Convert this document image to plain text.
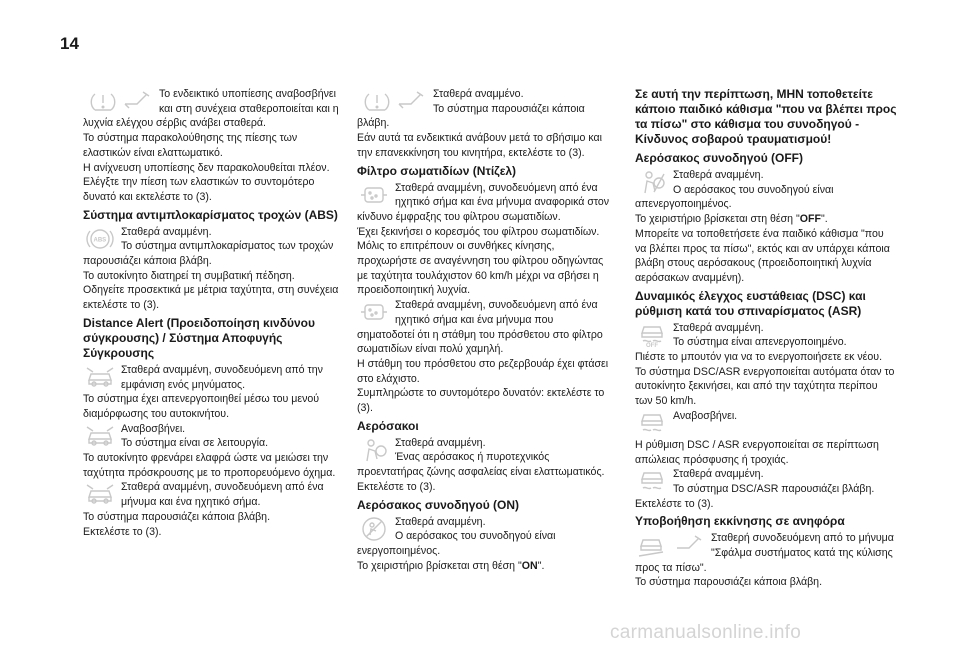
14

Το ενδεικτικό υποπίεσης αναβοσβήνει και στη συνέχεια σταθεροποιείται και η λυχνία ελέγχου σέρβις ανάβει σταθερά.

Το σύστημα παρακολούθησης της πίεσης των ελαστικών είναι ελαττωματικό.

Η ανίχνευση υποπίεσης δεν παρακολουθείται πλέον.

Ελέγξτε την πίεση των ελαστικών το συντομότερο δυνατό και εκτελέστε το (3).

Σύστημα αντιμπλοκαρίσματος τροχών (ABS)
ABS

Σταθερά αναμμένη.

Το σύστημα αντιμπλοκαρίσματος των τροχών παρουσιάζει κάποια βλάβη.

Το αυτοκίνητο διατηρεί τη συμβατική πέδηση.

Οδηγείτε προσεκτικά με μέτρια ταχύτητα, στη συνέχεια εκτελέστε το (3).

Distance Alert (Προειδοποίηση κινδύνου σύγκρουσης) / Σύστημα Αποφυγής Σύγκρουσης

Σταθερά αναμμένη, συνοδευόμενη από την εμφάνιση ενός μηνύματος.

Το σύστημα έχει απενεργοποιηθεί μέσω του μενού διαμόρφωσης του αυτοκινήτου.

Αναβοσβήνει.

Το σύστημα είναι σε λειτουργία.

Το αυτοκίνητο φρενάρει ελαφρά ώστε να μειώσει την ταχύτητα πρόσκρουσης με το προπορευόμενο όχημα.

Σταθερά αναμμένη, συνοδευόμενη από ένα μήνυμα και ένα ηχητικό σήμα.

Το σύστημα παρουσιάζει κάποια βλάβη.

Εκτελέστε το (3).

Σταθερά αναμμένο.

Το σύστημα παρουσιάζει κάποια βλάβη.

Εάν αυτά τα ενδεικτικά ανάβουν μετά το σβήσιμο και την επανεκκίνηση του κινητήρα, εκτελέστε το (3).

Φίλτρο σωματιδίων (Ντίζελ)

Σταθερά αναμμένη, συνοδευόμενη από ένα ηχητικό σήμα και ένα μήνυμα αναφορικά στον κίνδυνο έμφραξης του φίλτρου σωματιδίων.

Έχει ξεκινήσει ο κορεσμός του φίλτρου σωματιδίων.

Μόλις το επιτρέπουν οι συνθήκες κίνησης, προχωρήστε σε αναγέννηση του φίλτρου οδηγώντας με ταχύτητα τουλάχιστον 60 km/h μέχρι να σβήσει η προειδοποιητική λυχνία.

Σταθερά αναμμένη, συνοδευόμενη από ένα ηχητικό σήμα και ένα μήνυμα που σηματοδοτεί ότι η στάθμη του πρόσθετου στο φίλτρο σωματιδίων είναι πολύ χαμηλή.

Η στάθμη του πρόσθετου στο ρεζερβουάρ έχει φτάσει στο ελάχιστο.

Συμπληρώστε το συντομότερο δυνατόν: εκτελέστε το (3).

Αερόσακοι

Σταθερά αναμμένη.

Ένας αερόσακος ή πυροτεχνικός προεντατήρας ζώνης ασφαλείας είναι ελαττωματικός.

Εκτελέστε το (3).

Αερόσακος συνοδηγού (ON)

Σταθερά αναμμένη.

Ο αερόσακος του συνοδηγού είναι ενεργοποιημένος.

Το χειριστήριο βρίσκεται στη θέση "ON".

Σε αυτή την περίπτωση, ΜΗΝ τοποθετείτε κάποιο παιδικό κάθισμα "που να βλέπει προς τα πίσω" στο κάθισμα του συνοδηγού - Κίνδυνος σοβαρού τραυματισμού!
Αερόσακος συνοδηγού (OFF)

Σταθερά αναμμένη.

Ο αερόσακος του συνοδηγού είναι απενεργοποιημένος.

Το χειριστήριο βρίσκεται στη θέση "OFF".

Μπορείτε να τοποθετήσετε ένα παιδικό κάθισμα "που να βλέπει προς τα πίσω", εκτός και αν υπάρχει κάποια βλάβη στους αερόσακους (προειδοποιητική λυχνία αερόσακων αναμμένη).

Δυναμικός έλεγχος ευστάθειας (DSC) και ρύθμιση κατά του σπιναρίσματος (ASR)
OFF

Σταθερά αναμμένη.

Το σύστημα είναι απενεργοποιημένο.

Πιέστε το μπουτόν για να το ενεργοποιήσετε εκ νέου.

Το σύστημα DSC/ASR ενεργοποιείται αυτόματα όταν το αυτοκίνητο ξεκινήσει, και από την ταχύτητα περίπου των 50 km/h.

Αναβοσβήνει.

Η ρύθμιση DSC / ASR ενεργοποιείται σε περίπτωση απώλειας πρόσφυσης ή τροχιάς.

Σταθερά αναμμένη.

Το σύστημα DSC/ASR παρουσιάζει βλάβη.

Εκτελέστε το (3).

Υποβοήθηση εκκίνησης σε ανηφόρα

Σταθερή συνοδευόμενη από το μήνυμα "Σφάλμα συστήματος κατά της κύλισης προς τα πίσω".

Το σύστημα παρουσιάζει κάποια βλάβη.

carmanualsonline.info
